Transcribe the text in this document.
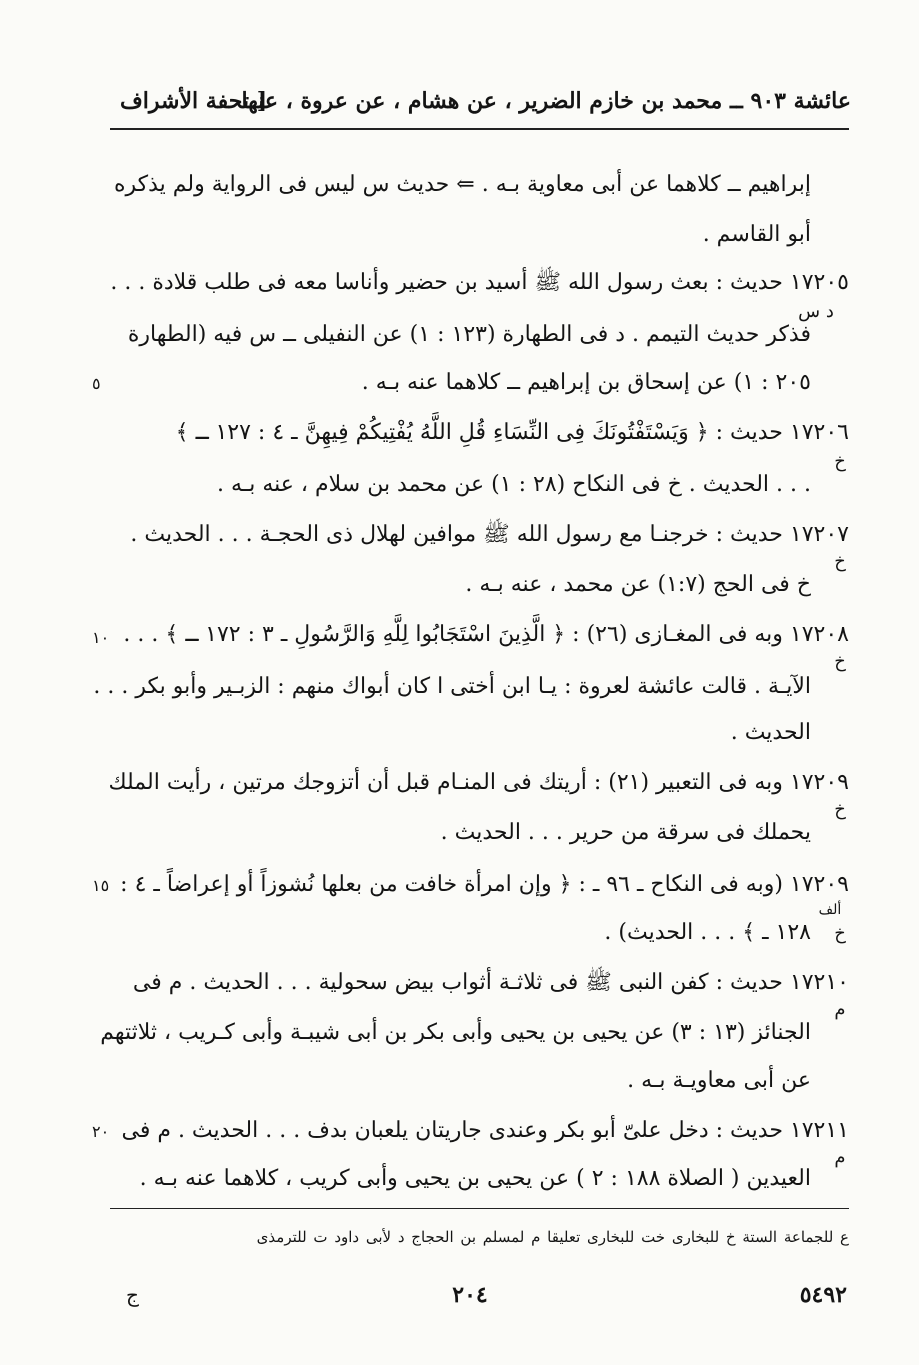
عائشة ٩٠٣ ــ محمد بن خازم الضرير ، عن هشام ، عن عروة ، عنها
[ تحفة الأشراف
إبراهيم ــ كلاهما عن أبى معاوية بـه . ⇐ حديث س ليس فى الرواية ولم يذكره
أبو القاسم .
١٧٢٠٥ حديث : بعث رسول الله ﷺ أسيد بن حضير وأناسا معه فى طلب قلادة . . .
فذكر حديث التيمم . د فى الطهارة (١٢٣ : ١) عن النفيلى ــ س فيه (الطهارة
٢٠٥ : ١) عن إسحاق بن إبراهيم ــ كلاهما عنه بـه .
١٧٢٠٦ حديث : ﴿ وَيَسْتَفْتُونَكَ فِى النِّسَاءِ قُلِ اللَّهُ يُفْتِيكُمْ فِيهِنَّ ـ ٤ : ١٢٧ ـ ﴾
. . . الحديث . خ فى النكاح (٢٨ : ١) عن محمد بن سلام ، عنه بـه .
١٧٢٠٧ حديث : خرجنـا مع رسول الله ﷺ موافين لهلال ذى الحجـة . . . الحديث .
خ فى الحج (١:٧) عن محمد ، عنه بـه .
١٧٢٠٨ وبه فى المغـازى (٢٦) : ﴿ الَّذِينَ اسْتَجَابُوا لِلَّهِ وَالرَّسُولِ ـ ٣ : ١٧٢ ـ ﴾ . . .
الآيـة . قالت عائشة لعروة : يـا ابن أختى ا كان أبواك منهم : الزبـير وأبو بكر . . .
الحديث .
١٧٢٠٩ وبه فى التعبير (٢١) : أريتك فى المنـام قبل أن أتزوجك مرتين ، رأيت الملك
يحملك فى سرقة من حرير . . . الحديث .
١٧٢٠٩ (وبه فى النكاح ـ ٩٦ ـ : ﴿ وإن امرأة خافت من بعلها نُشوزاً أو إعراضاً ـ ٤ :
١٢٨ ـ ﴾ . . . الحديث) .
١٧٢١٠ حديث : كفن النبى ﷺ فى ثلاثـة أثواب بيض سحولية . . . الحديث . م فى
الجنائز (١٣ : ٣) عن يحيى بن يحيى وأبى بكر بن أبى شيبـة وأبى كـريب ، ثلاثتهم
عن أبى معاويـة بـه .
١٧٢١١ حديث : دخل علىّ أبو بكر وعندى جاريتان يلعبان بدف . . . الحديث . م فى
العيدين ( الصلاة ١٨٨ : ٢ ) عن يحيى بن يحيى وأبى كريب ، كلاهما عنه بـه .
د س
خ
خ
خ
خ
ألف
خ
م
م
٥
١٠
١٥
٢٠
ع للجماعة الستة خ للبخارى خت للبخارى تعليقا م لمسلم بن الحجاج د لأبى داود ت للترمذى
ج	٢٠٤	٥٤٩٢
